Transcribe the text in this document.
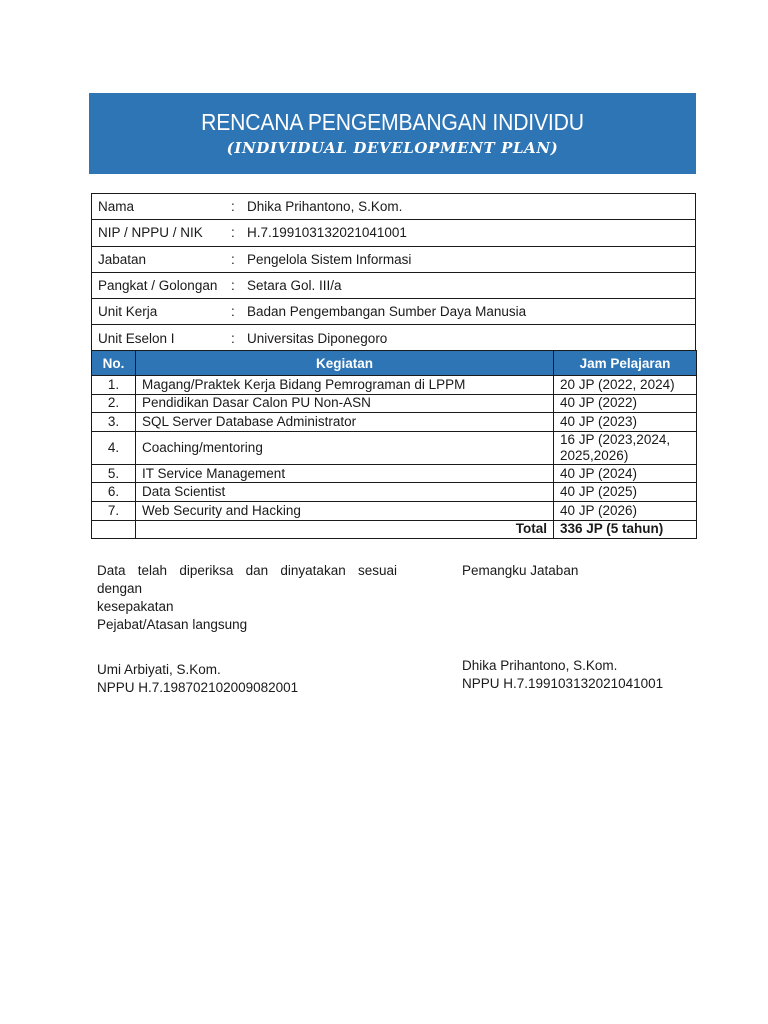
RENCANA PENGEMBANGAN INDIVIDU
(INDIVIDUAL DEVELOPMENT PLAN)
Nama	: Dhika Prihantono, S.Kom.
NIP / NPPU / NIK : H.7.199103132021041001
Jabatan	: Pengelola Sistem Informasi
Pangkat / Golongan : Setara Gol. III/a
Unit Kerja	: Badan Pengembangan Sumber Daya Manusia
Unit Eselon I	: Universitas Diponegoro
No.	Kegiatan	Jam Pelajaran
1.	Magang/Praktek Kerja Bidang Pemrograman di LPPM	20 JP (2022, 2024)
2.	Pendidikan Dasar Calon PU Non-ASN	40 JP (2022)
3.	SQL Server Database Administrator	40 JP (2023)
4.	Coaching/mentoring	16 JP (2023,2024, 2025,2026)
5.	IT Service Management	40 JP (2024)
6.	Data Scientist	40 JP (2025)
7.	Web Security and Hacking	40 JP (2026)
	Total	336 JP (5 tahun)
Data telah diperiksa dan dinyatakan sesuai dengan
kesepakatan
Pejabat/Atasan langsung
Pemangku Jataban
Umi Arbiyati, S.Kom.
NPPU H.7.198702102009082001
Dhika Prihantono, S.Kom.
NPPU H.7.199103132021041001
